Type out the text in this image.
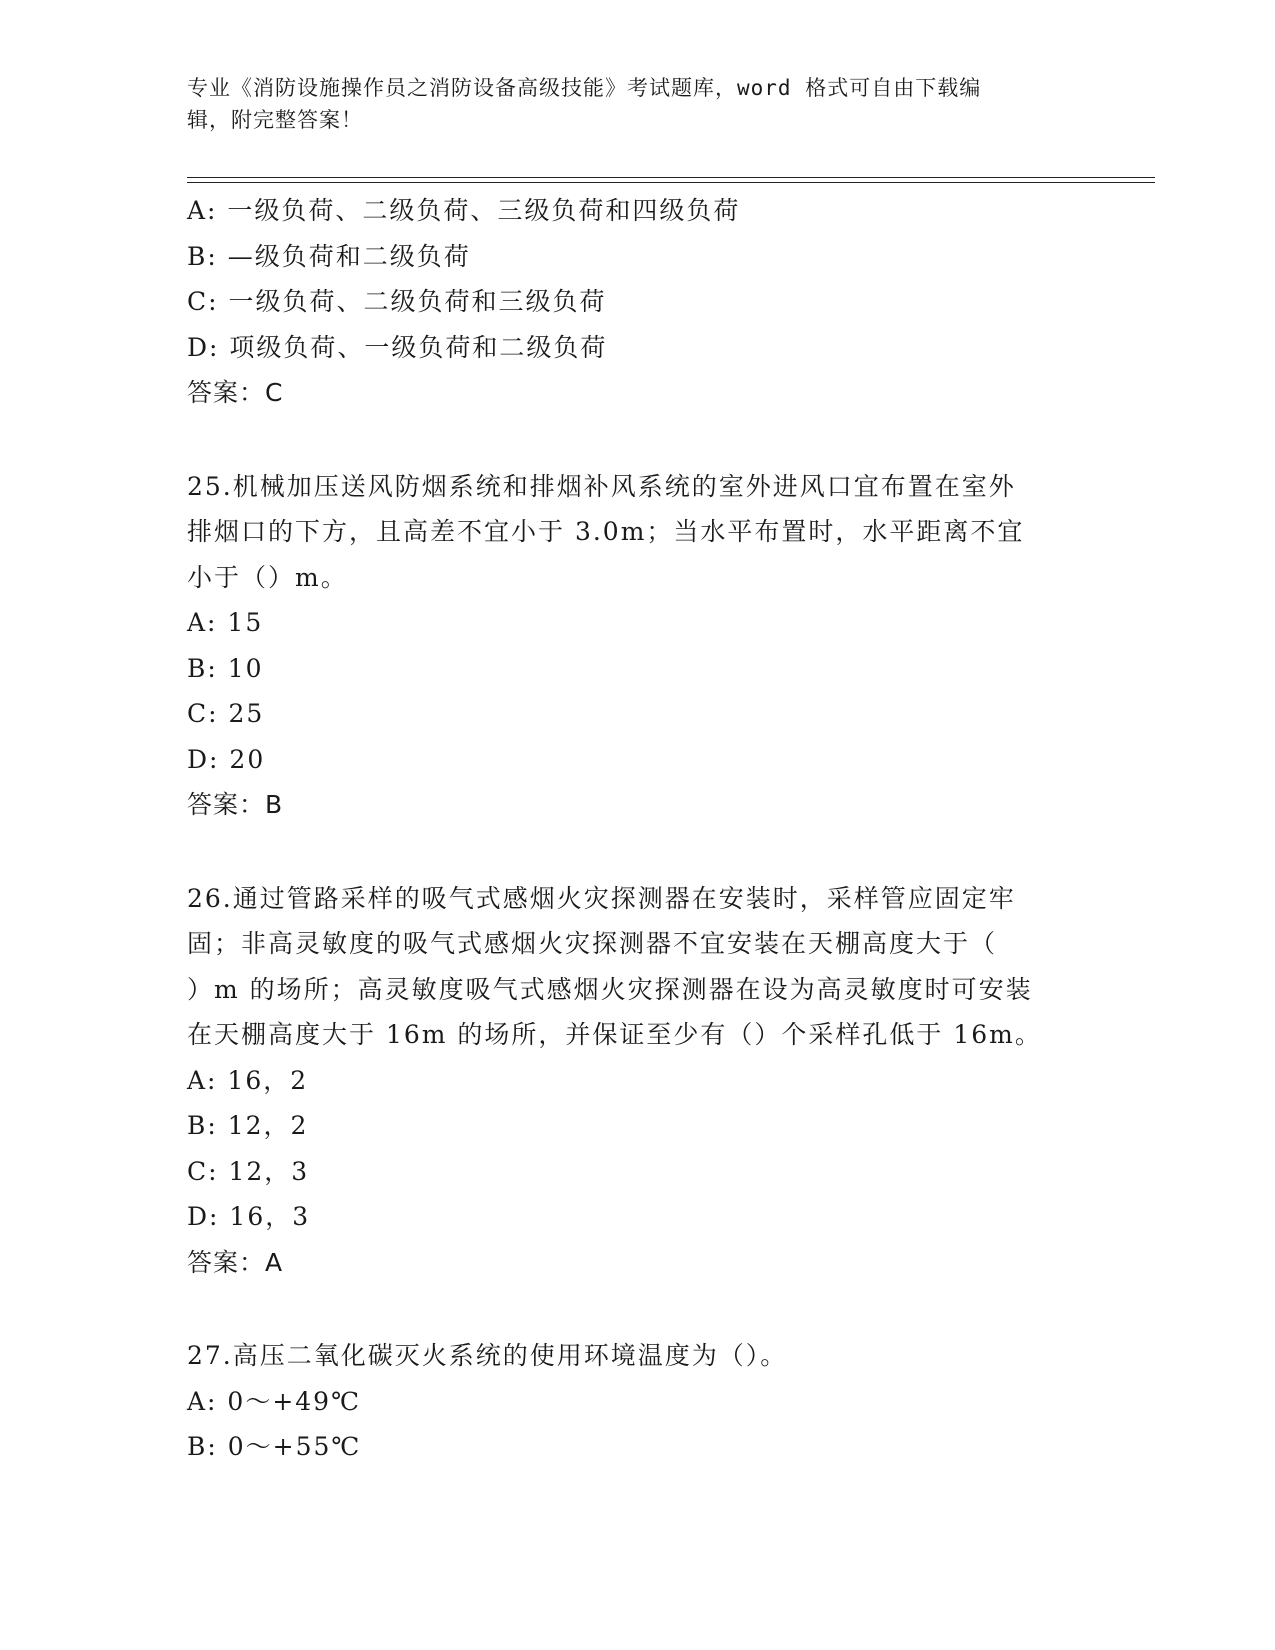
专业《消防设施操作员之消防设备高级技能》考试题库，word 格式可自由下载编
辑，附完整答案！
A: 一级负荷、二级负荷、三级负荷和四级负荷
B: —级负荷和二级负荷
C: 一级负荷、二级负荷和三级负荷
D: 项级负荷、一级负荷和二级负荷
答案：C
25.机械加压送风防烟系统和排烟补风系统的室外进风口宜布置在室外
排烟口的下方，且高差不宜小于 3.0m；当水平布置时，水平距离不宜
小于（）m。
A: 15
B: 10
C: 25
D: 20
答案：B
26.通过管路采样的吸气式感烟火灾探测器在安装时，采样管应固定牢
固；非高灵敏度的吸气式感烟火灾探测器不宜安装在天棚高度大于（
）m 的场所；高灵敏度吸气式感烟火灾探测器在设为高灵敏度时可安装
在天棚高度大于 16m 的场所，并保证至少有（）个采样孔低于 16m。
A: 16，2
B: 12，2
C: 12，3
D: 16，3
答案：A
27.高压二氧化碳灭火系统的使用环境温度为（）。
A: 0～+49℃
B: 0～+55℃
